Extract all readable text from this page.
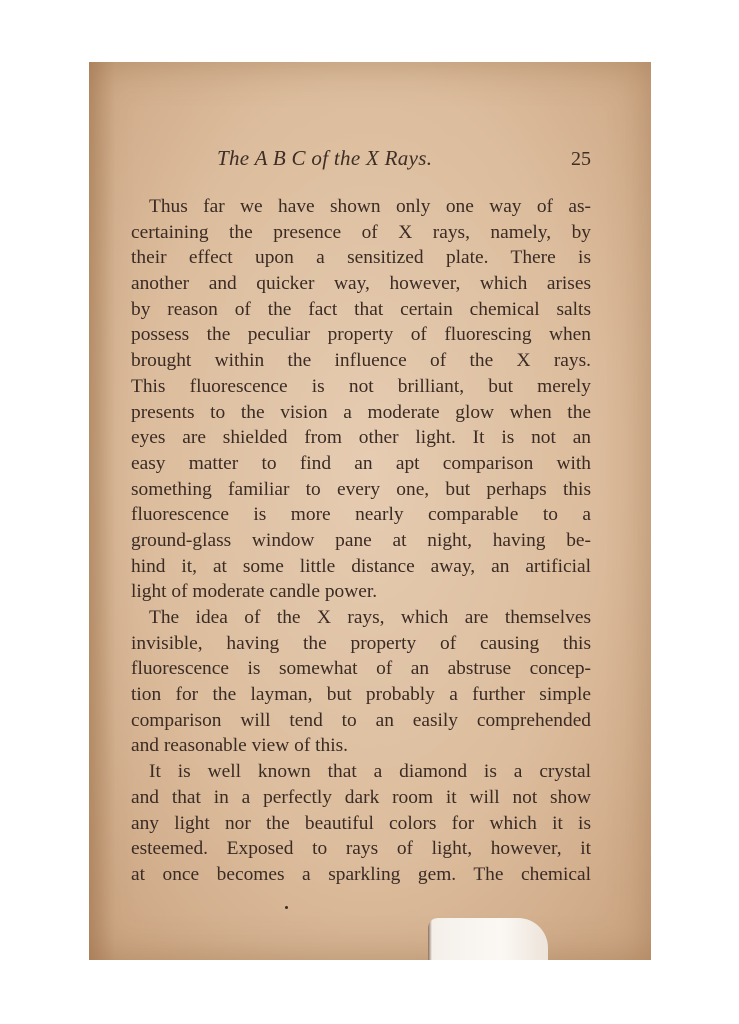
The A B C of the X Rays.	25
Thus far we have shown only one way of as-
certaining the presence of X rays, namely, by
their effect upon a sensitized plate. There is
another and quicker way, however, which arises
by reason of the fact that certain chemical salts
possess the peculiar property of fluorescing when
brought within the influence of the X rays.
This fluorescence is not brilliant, but merely
presents to the vision a moderate glow when the
eyes are shielded from other light. It is not an
easy matter to find an apt comparison with
something familiar to every one, but perhaps this
fluorescence is more nearly comparable to a
ground-glass window pane at night, having be-
hind it, at some little distance away, an artificial
light of moderate candle power.
The idea of the X rays, which are themselves
invisible, having the property of causing this
fluorescence is somewhat of an abstruse concep-
tion for the layman, but probably a further simple
comparison will tend to an easily comprehended
and reasonable view of this.
It is well known that a diamond is a crystal
and that in a perfectly dark room it will not show
any light nor the beautiful colors for which it is
esteemed. Exposed to rays of light, however, it
at once becomes a sparkling gem. The chemical
